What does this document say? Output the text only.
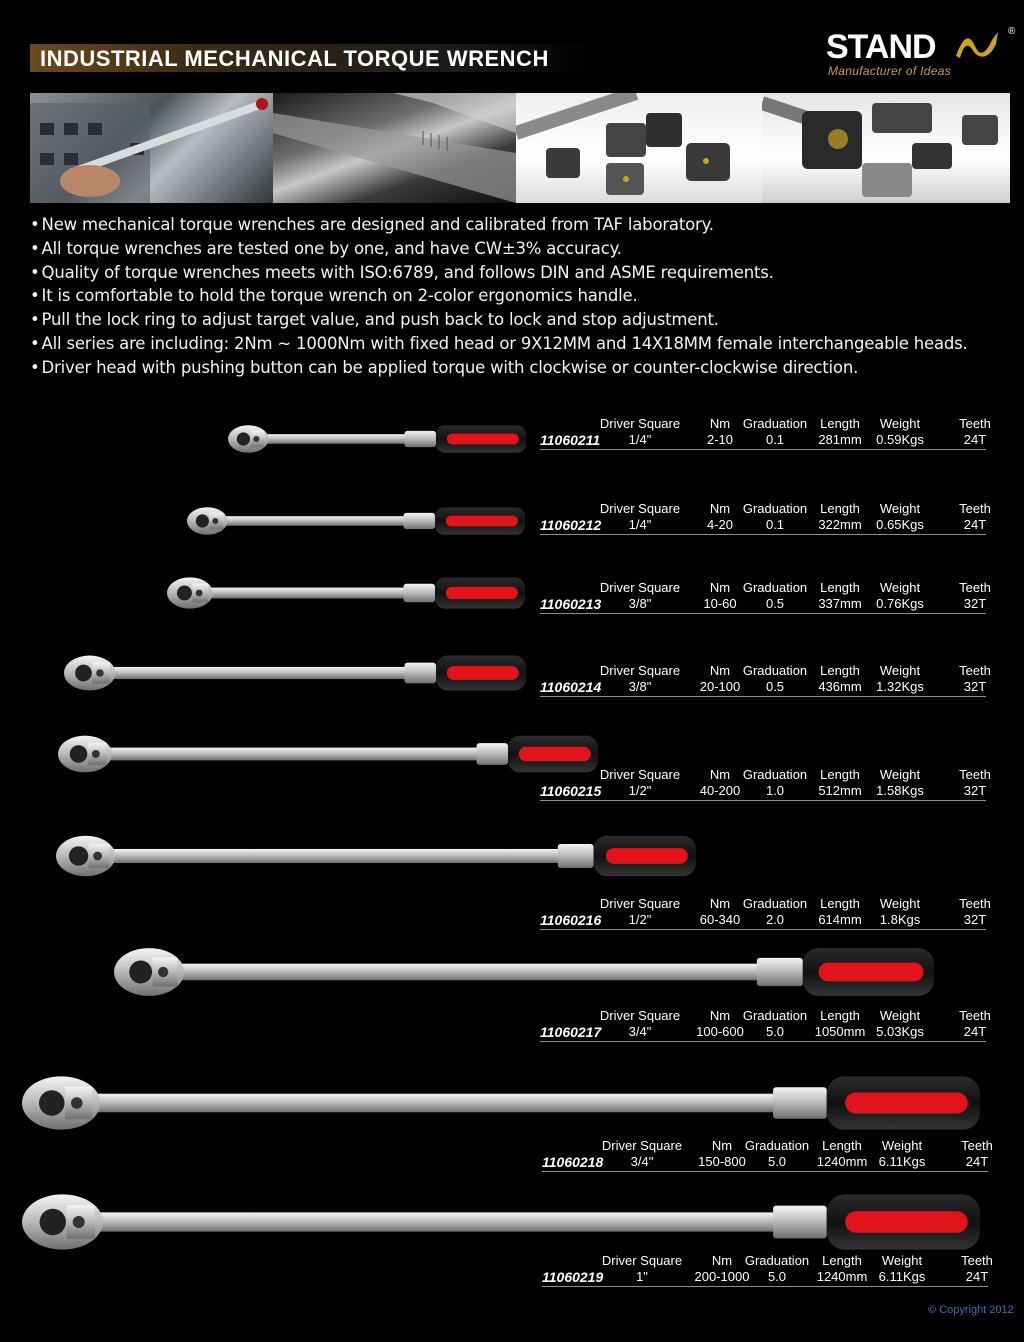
INDUSTRIAL MECHANICAL TORQUE WRENCH	STAND	®
Manufacturer of Ideas
• New mechanical torque wrenches are designed and calibrated from TAF laboratory.
• All torque wrenches are tested one by one, and have CW±3% accuracy.
• Quality of torque wrenches meets with ISO:6789, and follows DIN and ASME requirements.
• It is comfortable to hold the torque wrench on 2-color ergonomics handle.
• Pull the lock ring to adjust target value, and push back to lock and stop adjustment.
• All series are including: 2Nm ~ 1000Nm with fixed head or 9X12MM and 14X18MM female interchangeable heads.
• Driver head with pushing button can be applied torque with clockwise or counter-clockwise direction.
Driver Square Nm Graduation Length Weight	Teeth
11060211 1/4"	2-10	0.1	281mm 0.59Kgs	24T
Driver Square Nm Graduation Length Weight	Teeth
11060212 1/4"	4-20	0.1	322mm 0.65Kgs	24T
Driver Square Nm Graduation Length Weight	Teeth
11060213 3/8"	10-60 0.5	337mm 0.76Kgs	32T
Driver Square Nm Graduation Length Weight	Teeth
11060214 3/8"	20-100 0.5	436mm 1.32Kgs	32T
Driver Square Nm Graduation Length Weight	Teeth
11060215 1/2"	40-200 1.0	512mm 1.58Kgs	32T
Driver Square Nm Graduation Length Weight	Teeth
11060216 1/2"	60-340 2.0	614mm 1.8Kgs	32T
Driver Square Nm Graduation Length Weight	Teeth
11060217 3/4"	100-600 5.0 1050mm 5.03Kgs	24T
Driver Square Nm Graduation Length Weight	Teeth
11060218 3/4"	150-800 5.0 1240mm 6.11Kgs	24T
Driver Square Nm Graduation Length Weight	Teeth
11060219	1"	200-1000 5.0 1240mm 6.11Kgs	24T
© Copyright 2012
